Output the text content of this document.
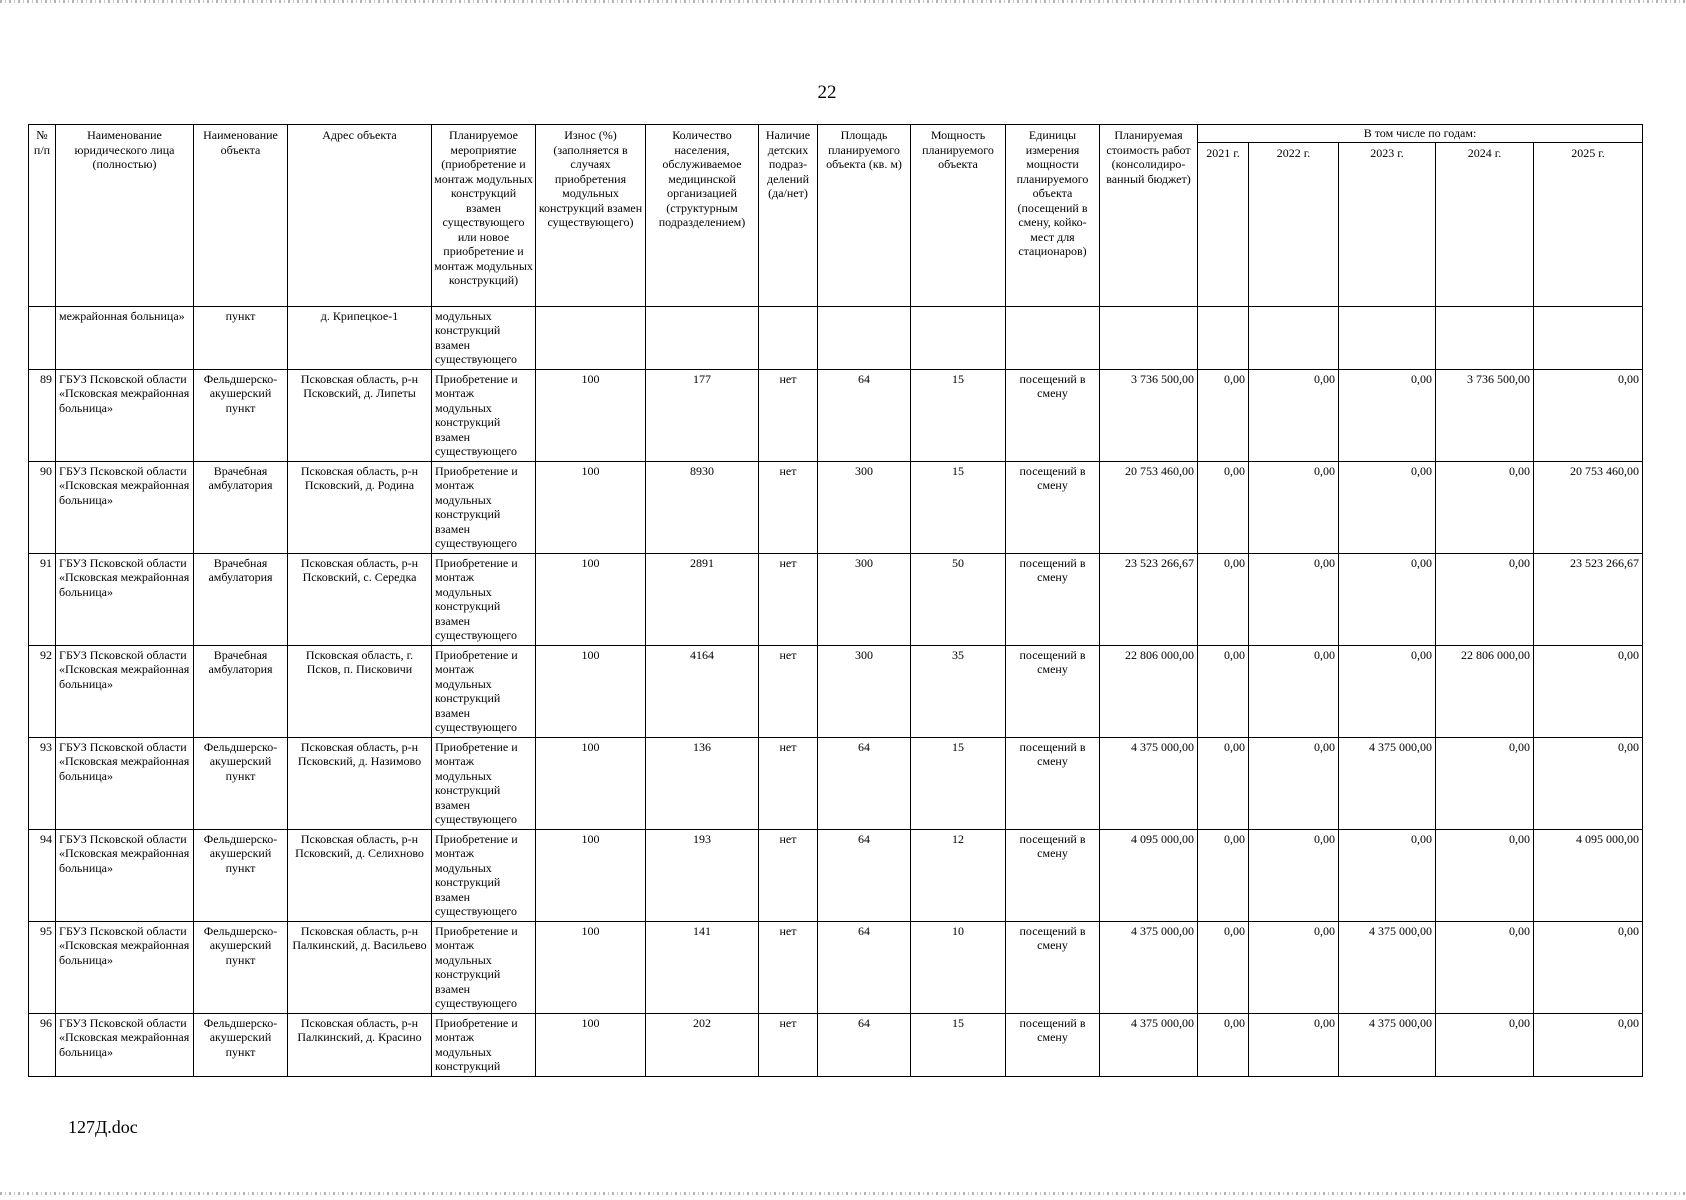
22
№ п/п	Наименование юридического лица (полностью)	Наименование объекта	Адрес объекта	Планируемое мероприятие (приобретение и монтаж модульных конструкций взамен существующего или новое приобретение и монтаж модульных конструкций)	Износ (%) (заполняется в случаях приобретения модульных конструкций взамен существующего)	Количество населения, обслуживаемое медицинской организацией (структурным подразделением)	Наличие детских подраз- делений (да/нет)	Площадь планируемого объекта (кв. м)	Мощность планируемого объекта	Единицы измерения мощности планируемого объекта (посещений в смену, койко-мест для стационаров)	Планируемая стоимость работ (консолидиро- ванный бюджет)	В том числе по годам:				
												2021 г.	2022 г.	2023 г.	2024 г.	2025 г.
	межрайонная больница»	пункт	д. Крипецкое-1	модульных конструкций взамен существующего												
89	ГБУЗ Псковской области «Псковская межрайонная больница»	Фельдшерско-акушерский пункт	Псковская область, р-н Псковский, д. Липеты	Приобретение и монтаж модульных конструкций взамен существующего	100	177	нет	64	15	посещений в смену	3 736 500,00	0,00	0,00	0,00	3 736 500,00	0,00
90	ГБУЗ Псковской области «Псковская межрайонная больница»	Врачебная амбулатория	Псковская область, р-н Псковский, д. Родина	Приобретение и монтаж модульных конструкций взамен существующего	100	8930	нет	300	15	посещений в смену	20 753 460,00	0,00	0,00	0,00	0,00	20 753 460,00
91	ГБУЗ Псковской области «Псковская межрайонная больница»	Врачебная амбулатория	Псковская область, р-н Псковский, с. Середка	Приобретение и монтаж модульных конструкций взамен существующего	100	2891	нет	300	50	посещений в смену	23 523 266,67	0,00	0,00	0,00	0,00	23 523 266,67
92	ГБУЗ Псковской области «Псковская межрайонная больница»	Врачебная амбулатория	Псковская область, г. Псков, п. Писковичи	Приобретение и монтаж модульных конструкций взамен существующего	100	4164	нет	300	35	посещений в смену	22 806 000,00	0,00	0,00	0,00	22 806 000,00	0,00
93	ГБУЗ Псковской области «Псковская межрайонная больница»	Фельдшерско-акушерский пункт	Псковская область, р-н Псковский, д. Назимово	Приобретение и монтаж модульных конструкций взамен существующего	100	136	нет	64	15	посещений в смену	4 375 000,00	0,00	0,00	4 375 000,00	0,00	0,00
94	ГБУЗ Псковской области «Псковская межрайонная больница»	Фельдшерско-акушерский пункт	Псковская область, р-н Псковский, д. Селихново	Приобретение и монтаж модульных конструкций взамен существующего	100	193	нет	64	12	посещений в смену	4 095 000,00	0,00	0,00	0,00	0,00	4 095 000,00
95	ГБУЗ Псковской области «Псковская межрайонная больница»	Фельдшерско-акушерский пункт	Псковская область, р-н Палкинский, д. Васильево	Приобретение и монтаж модульных конструкций взамен существующего	100	141	нет	64	10	посещений в смену	4 375 000,00	0,00	0,00	4 375 000,00	0,00	0,00
96	ГБУЗ Псковской области «Псковская межрайонная больница»	Фельдшерско-акушерский пункт	Псковская область, р-н Палкинский, д. Красино	Приобретение и монтаж модульных конструкций	100	202	нет	64	15	посещений в смену	4 375 000,00	0,00	0,00	4 375 000,00	0,00	0,00
127Д.doc
